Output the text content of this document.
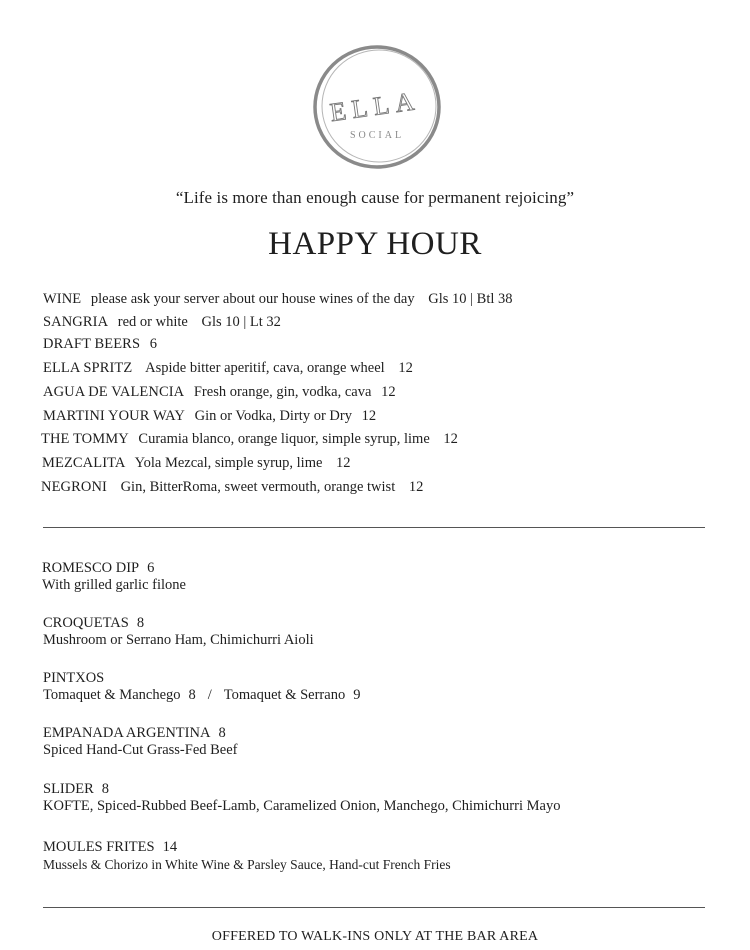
ELLA
SOCIAL
“Life is more than enough cause for permanent rejoicing”
HAPPY HOUR
WINE please ask your server about our house wines of the day Gls 10 | Btl 38
SANGRIA red or white Gls 10 | Lt 32
DRAFT BEERS 6
ELLA SPRITZ Aspide bitter aperitif, cava, orange wheel 12
AGUA DE VALENCIA Fresh orange, gin, vodka, cava 12
MARTINI YOUR WAY Gin or Vodka, Dirty or Dry 12
THE TOMMY Curamia blanco, orange liquor, simple syrup, lime 12
MEZCALITA Yola Mezcal, simple syrup, lime 12
NEGRONI Gin, BitterRoma, sweet vermouth, orange twist 12
ROMESCO DIP 6
With grilled garlic filone
CROQUETAS 8
Mushroom or Serrano Ham, Chimichurri Aioli
PINTXOS
Tomaquet & Manchego 8 / Tomaquet & Serrano 9
EMPANADA ARGENTINA 8
Spiced Hand-Cut Grass-Fed Beef
SLIDER 8
KOFTE, Spiced-Rubbed Beef-Lamb, Caramelized Onion, Manchego, Chimichurri Mayo
MOULES FRITES 14
Mussels & Chorizo in White Wine & Parsley Sauce, Hand-cut French Fries
OFFERED TO WALK-INS ONLY AT THE BAR AREA
